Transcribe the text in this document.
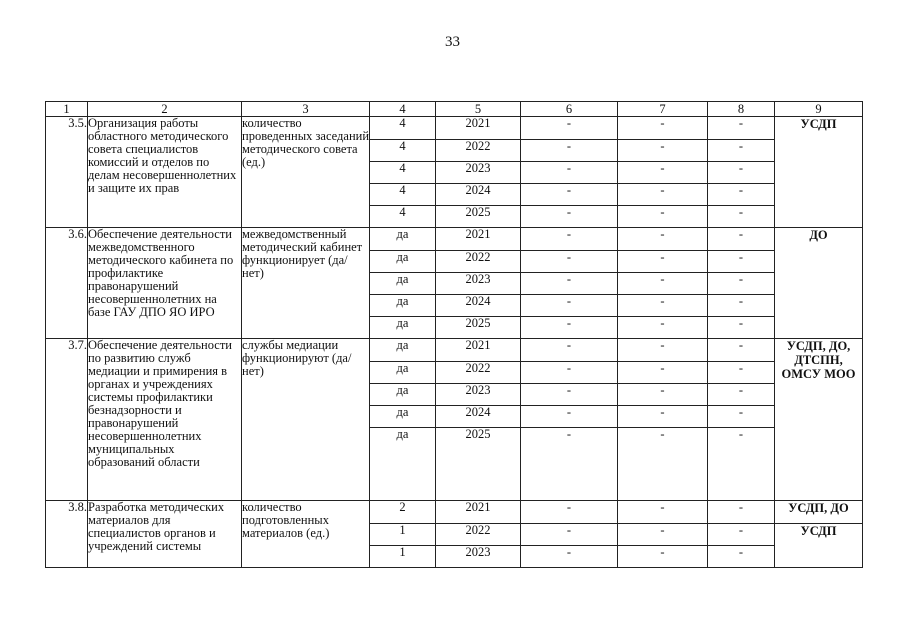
33
1	2	3	4	5	6	7	8	9
3.5.	Организация работы областного методического совета специалистов комиссий и отделов по делам несовершеннолетних и защите их прав	количество проведенных заседаний методического совета (ед.)	4	2021	-	-	-	УСДП
			4	2022	-	-	-	
			4	2023	-	-	-	
			4	2024	-	-	-	
			4	2025	-	-	-	
3.6.	Обеспечение деятельности межведомственного методического кабинета по профилактике правонарушений несовершеннолетних на базе ГАУ ДПО ЯО ИРО	межведомственный методический кабинет функционирует (да/нет)	да	2021	-	-	-	ДО
			да	2022	-	-	-	
			да	2023	-	-	-	
			да	2024	-	-	-	
			да	2025	-	-	-	
3.7.	Обеспечение деятельности по развитию служб медиации и примирения в органах и учреждениях системы профилактики безнадзорности и правонарушений несовершеннолетних муниципальных образований области	службы медиации функционируют (да/нет)	да	2021	-	-	-	УСДП, ДО, ДТСПН, ОМСУ МОО
			да	2022	-	-	-	
			да	2023	-	-	-	
			да	2024	-	-	-	
			да	2025	-	-	-	
3.8.	Разработка методических материалов для специалистов органов и учреждений системы	количество подготовленных материалов (ед.)	2	2021	-	-	-	УСДП, ДО
			1	2022	-	-	-	УСДП
			1	2023	-	-	-	
